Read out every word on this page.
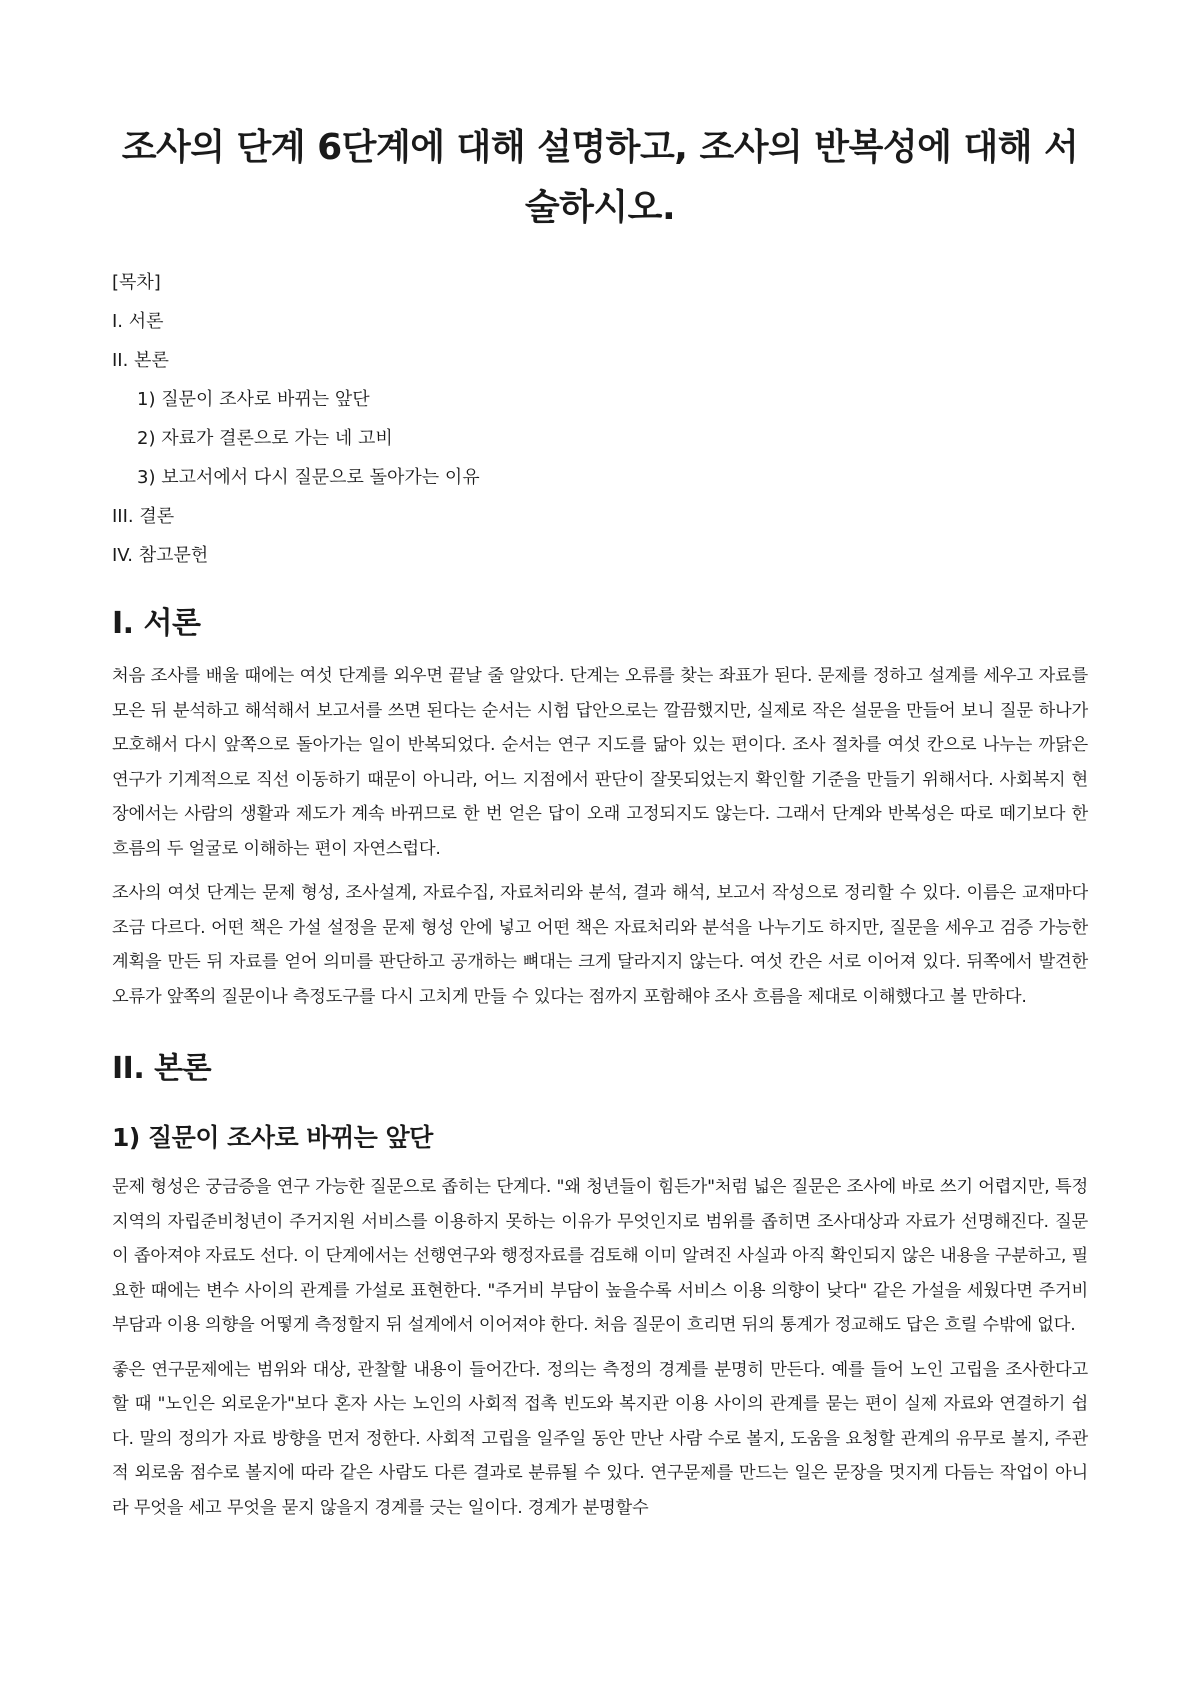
조사의 단계 6단계에 대해 설명하고, 조사의 반복성에 대해 서술하시오.

[목차]

I. 서론

II. 본론

1) 질문이 조사로 바뀌는 앞단

2) 자료가 결론으로 가는 네 고비

3) 보고서에서 다시 질문으로 돌아가는 이유

III. 결론

IV. 참고문헌

I. 서론

처음 조사를 배울 때에는 여섯 단계를 외우면 끝날 줄 알았다. 단계는 오류를 찾는 좌표가 된다. 문제를 정하고 설계를 세우고 자료를 모은 뒤 분석하고 해석해서 보고서를 쓰면 된다는 순서는 시험 답안으로는 깔끔했지만, 실제로 작은 설문을 만들어 보니 질문 하나가 모호해서 다시 앞쪽으로 돌아가는 일이 반복되었다. 순서는 연구 지도를 닮아 있는 편이다. 조사 절차를 여섯 칸으로 나누는 까닭은 연구가 기계적으로 직선 이동하기 때문이 아니라, 어느 지점에서 판단이 잘못되었는지 확인할 기준을 만들기 위해서다. 사회복지 현장에서는 사람의 생활과 제도가 계속 바뀌므로 한 번 얻은 답이 오래 고정되지도 않는다. 그래서 단계와 반복성은 따로 떼기보다 한 흐름의 두 얼굴로 이해하는 편이 자연스럽다.

조사의 여섯 단계는 문제 형성, 조사설계, 자료수집, 자료처리와 분석, 결과 해석, 보고서 작성으로 정리할 수 있다. 이름은 교재마다 조금 다르다. 어떤 책은 가설 설정을 문제 형성 안에 넣고 어떤 책은 자료처리와 분석을 나누기도 하지만, 질문을 세우고 검증 가능한 계획을 만든 뒤 자료를 얻어 의미를 판단하고 공개하는 뼈대는 크게 달라지지 않는다. 여섯 칸은 서로 이어져 있다. 뒤쪽에서 발견한 오류가 앞쪽의 질문이나 측정도구를 다시 고치게 만들 수 있다는 점까지 포함해야 조사 흐름을 제대로 이해했다고 볼 만하다.

II. 본론
1) 질문이 조사로 바뀌는 앞단

문제 형성은 궁금증을 연구 가능한 질문으로 좁히는 단계다. "왜 청년들이 힘든가"처럼 넓은 질문은 조사에 바로 쓰기 어렵지만, 특정 지역의 자립준비청년이 주거지원 서비스를 이용하지 못하는 이유가 무엇인지로 범위를 좁히면 조사대상과 자료가 선명해진다. 질문이 좁아져야 자료도 선다. 이 단계에서는 선행연구와 행정자료를 검토해 이미 알려진 사실과 아직 확인되지 않은 내용을 구분하고, 필요한 때에는 변수 사이의 관계를 가설로 표현한다. "주거비 부담이 높을수록 서비스 이용 의향이 낮다" 같은 가설을 세웠다면 주거비 부담과 이용 의향을 어떻게 측정할지 뒤 설계에서 이어져야 한다. 처음 질문이 흐리면 뒤의 통계가 정교해도 답은 흐릴 수밖에 없다.

좋은 연구문제에는 범위와 대상, 관찰할 내용이 들어간다. 정의는 측정의 경계를 분명히 만든다. 예를 들어 노인 고립을 조사한다고 할 때 "노인은 외로운가"보다 혼자 사는 노인의 사회적 접촉 빈도와 복지관 이용 사이의 관계를 묻는 편이 실제 자료와 연결하기 쉽다. 말의 정의가 자료 방향을 먼저 정한다. 사회적 고립을 일주일 동안 만난 사람 수로 볼지, 도움을 요청할 관계의 유무로 볼지, 주관적 외로움 점수로 볼지에 따라 같은 사람도 다른 결과로 분류될 수 있다. 연구문제를 만드는 일은 문장을 멋지게 다듬는 작업이 아니라 무엇을 세고 무엇을 묻지 않을지 경계를 긋는 일이다. 경계가 분명할수
